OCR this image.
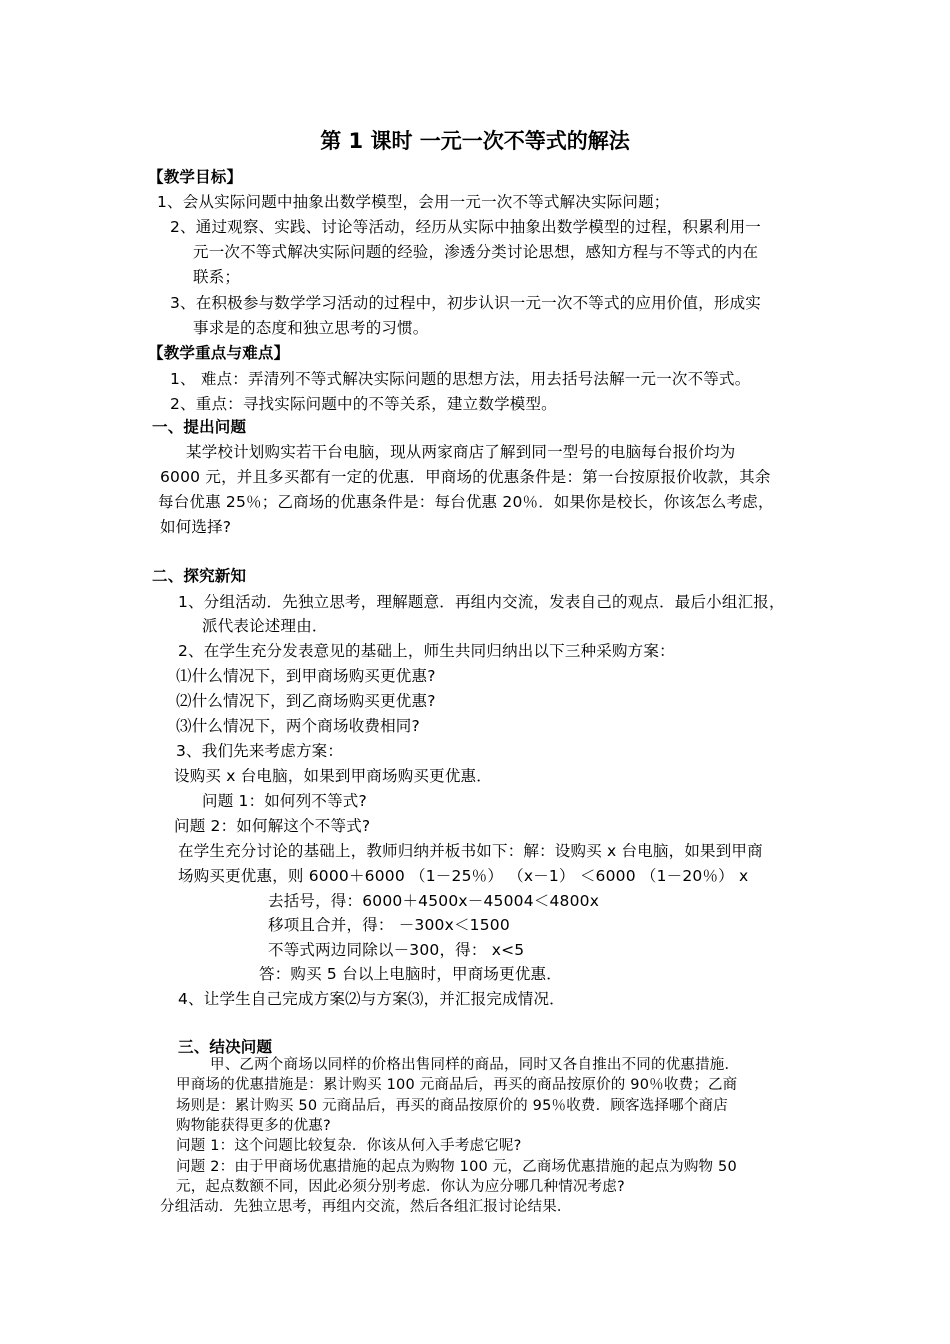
第 1 课时 一元一次不等式的解法
【教学目标】
1、会从实际问题中抽象出数学模型，会用一元一次不等式解决实际问题；
2、通过观察、实践、讨论等活动，经历从实际中抽象出数学模型的过程，积累利用一
元一次不等式解决实际问题的经验，渗透分类讨论思想，感知方程与不等式的内在
联系；
3、在积极参与数学学习活动的过程中，初步认识一元一次不等式的应用价值，形成实
事求是的态度和独立思考的习惯。
【教学重点与难点】
1、 难点：弄清列不等式解决实际问题的思想方法，用去括号法解一元一次不等式。
2、重点：寻找实际问题中的不等关系，建立数学模型。
一、提出问题
某学校计划购实若干台电脑，现从两家商店了解到同一型号的电脑每台报价均为
6000 元，并且多买都有一定的优惠．甲商场的优惠条件是：第一台按原报价收款，其余
每台优惠 25％；乙商场的优惠条件是：每台优惠 20％．如果你是校长，你该怎么考虑，
如何选择?
二、探究新知
1、分组活动．先独立思考，理解题意．再组内交流，发表自己的观点．最后小组汇报，
派代表论述理由．
2、在学生充分发表意见的基础上，师生共同归纳出以下三种采购方案：
⑴什么情况下，到甲商场购买更优惠?
⑵什么情况下，到乙商场购买更优惠?
⑶什么情况下，两个商场收费相同?
3、我们先来考虑方案：
设购买 x 台电脑，如果到甲商场购买更优惠．
问题 1：如何列不等式?
问题 2：如何解这个不等式?
在学生充分讨论的基础上，教师归纳并板书如下：解：设购买 x 台电脑，如果到甲商
场购买更优惠，则 6000＋6000 （1－25％） （x－1） ＜6000 （1－20％） x
去括号，得：6000＋4500x－45004＜4800x
移项且合并，得： －300x＜1500
不等式两边同除以－300，得： x<5
答：购买 5 台以上电脑时，甲商场更优惠．
4、让学生自己完成方案⑵与方案⑶，并汇报完成情况．
三、结决问题
甲、乙两个商场以同样的价格出售同样的商品，同时又各自推出不同的优惠措施．
甲商场的优惠措施是：累计购买 100 元商品后，再买的商品按原价的 90％收费；乙商
场则是：累计购买 50 元商品后，再买的商品按原价的 95％收费．顾客选择哪个商店
购物能获得更多的优惠?
问题 1：这个问题比较复杂．你该从何入手考虑它呢?
问题 2：由于甲商场优惠措施的起点为购物 100 元，乙商场优惠措施的起点为购物 50
元，起点数额不同，因此必须分别考虑．你认为应分哪几种情况考虑?
分组活动．先独立思考，再组内交流，然后各组汇报讨论结果．
